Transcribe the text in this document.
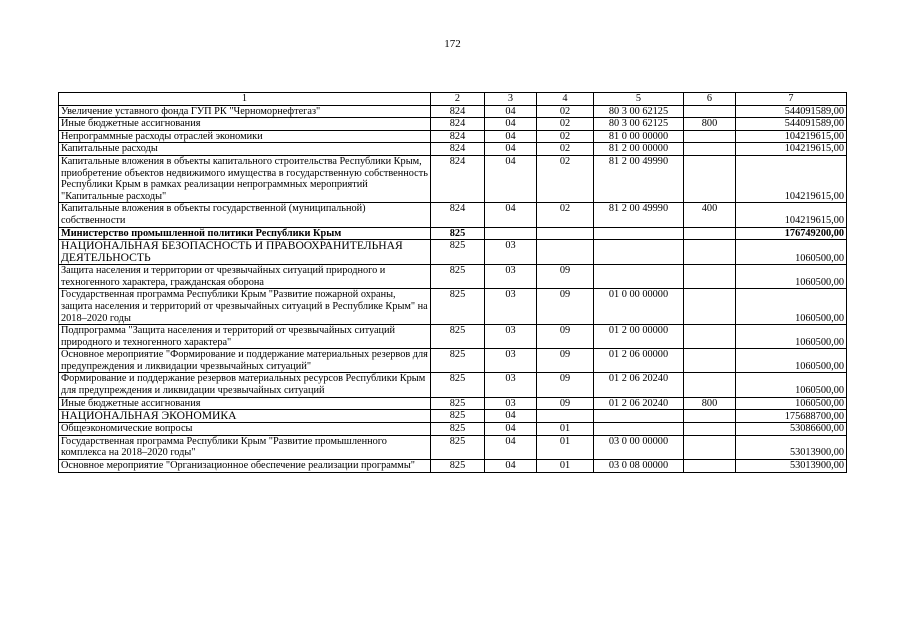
172
1	2	3	4	5	6	7
Увеличение уставного фонда ГУП РК "Черноморнефтегаз"	824	04	02	80 3 00 62125		544091589,00
Иные бюджетные ассигнования	824	04	02	80 3 00 62125	800	544091589,00
Непрограммные расходы отраслей экономики	824	04	02	81 0 00 00000		104219615,00
Капитальные расходы	824	04	02	81 2 00 00000		104219615,00
Капитальные вложения в объекты капитального строительства Республики Крым, приобретение объектов недвижимого имущества в государственную собственность Республики Крым в рамках реализации непрограммных мероприятий "Капитальные расходы"	824	04	02	81 2 00 49990		104219615,00
Капитальные вложения в объекты государственной (муниципальной) собственности	824	04	02	81 2 00 49990	400	104219615,00
Министерство промышленной политики Республики Крым	825					176749200,00
НАЦИОНАЛЬНАЯ БЕЗОПАСНОСТЬ И ПРАВООХРАНИТЕЛЬНАЯ ДЕЯТЕЛЬНОСТЬ	825	03				1060500,00
Защита населения и территории от чрезвычайных ситуаций природного и техногенного характера, гражданская оборона	825	03	09			1060500,00
Государственная программа Республики Крым "Развитие пожарной охраны, защита населения и территорий от чрезвычайных ситуаций в Республике Крым" на 2018–2020 годы	825	03	09	01 0 00 00000		1060500,00
Подпрограмма "Защита населения и территорий от чрезвычайных ситуаций природного и техногенного характера"	825	03	09	01 2 00 00000		1060500,00
Основное мероприятие "Формирование и поддержание материальных резервов для предупреждения и ликвидации чрезвычайных ситуаций"	825	03	09	01 2 06 00000		1060500,00
Формирование и поддержание резервов материальных ресурсов Республики Крым для предупреждения и ликвидации чрезвычайных ситуаций	825	03	09	01 2 06 20240		1060500,00
Иные бюджетные ассигнования	825	03	09	01 2 06 20240	800	1060500,00
НАЦИОНАЛЬНАЯ ЭКОНОМИКА	825	04				175688700,00
Общеэкономические вопросы	825	04	01			53086600,00
Государственная программа Республики Крым "Развитие промышленного комплекса на 2018–2020 годы"	825	04	01	03 0 00 00000		53013900,00
Основное мероприятие "Организационное обеспечение реализации программы"	825	04	01	03 0 08 00000		53013900,00
